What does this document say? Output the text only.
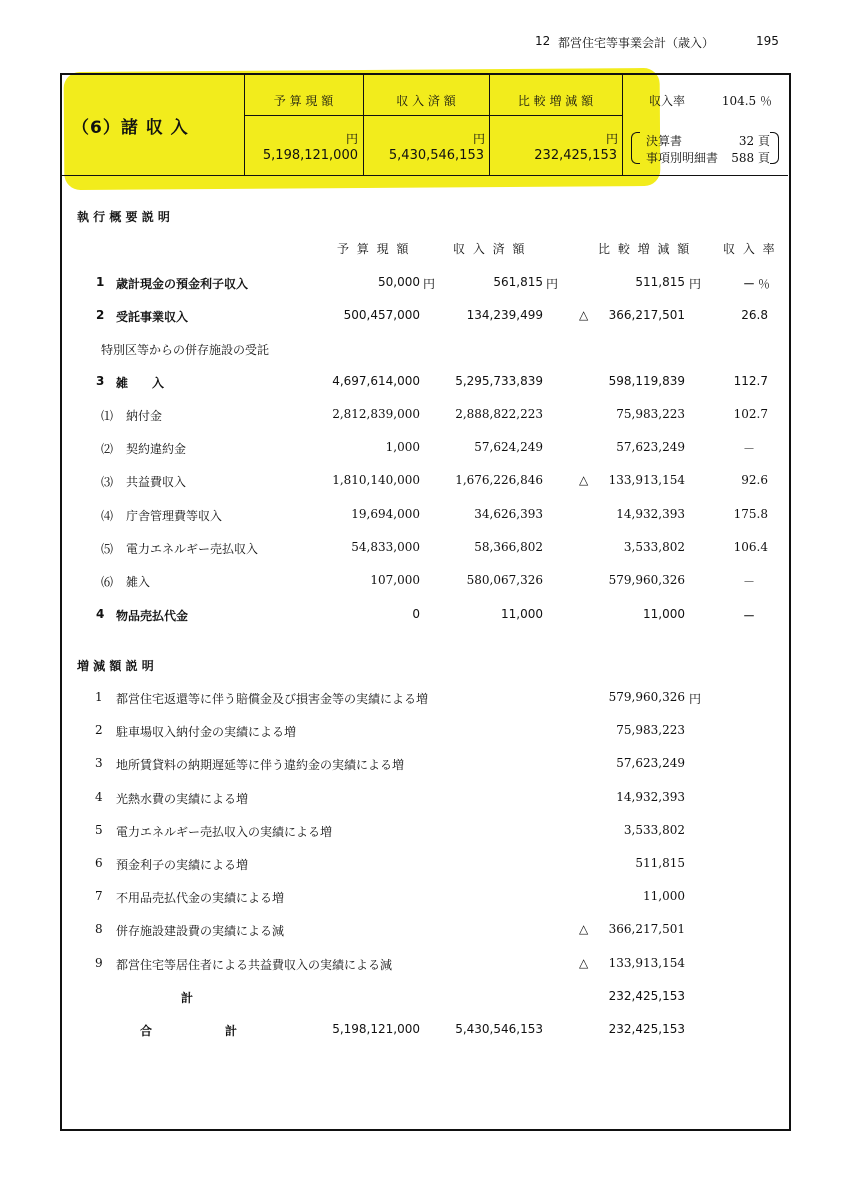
12 都営住宅等事業会計（歳入）	195
（6）諸 収 入
予 算 現 額	収 入 済 額	比 較 増 減 額
円	円	円
5,198,121,000	5,430,546,153	232,425,153
収入率	104.5 ％
決算書	32 頁
事項別明細書	588 頁
執 行 概 要 説 明
予 算 現 額	収 入 済 額	比 較 増 減 額	収 入 率
1 歳計現金の預金利子収入	50,000 円	561,815 円	511,815 円	－ ％
2 受託事業収入	500,457,000	134,239,499	△	366,217,501	26.8
特別区等からの併存施設の受託
3 雑　　入	4,697,614,000	5,295,733,839	598,119,839	112.7
⑴ 納付金	2,812,839,000	2,888,822,223	75,983,223	102.7
⑵ 契約違約金	1,000	57,624,249	57,623,249	－
⑶ 共益費収入	1,810,140,000	1,676,226,846	△	133,913,154	92.6
⑷ 庁舎管理費等収入	19,694,000	34,626,393	14,932,393	175.8
⑸ 電力エネルギー売払収入	54,833,000	58,366,802	3,533,802	106.4
⑹ 雑入	107,000	580,067,326	579,960,326	－
4 物品売払代金	0	11,000	11,000	－
増 減 額 説 明
1 都営住宅返還等に伴う賠償金及び損害金等の実績による増	579,960,326 円
2 駐車場収入納付金の実績による増	75,983,223
3 地所賃貸料の納期遅延等に伴う違約金の実績による増	57,623,249
4 光熱水費の実績による増	14,932,393
5 電力エネルギー売払収入の実績による増	3,533,802
6 預金利子の実績による増	511,815
7 不用品売払代金の実績による増	11,000
8 併存施設建設費の実績による減	△	366,217,501
9 都営住宅等居住者による共益費収入の実績による減	△	133,913,154
計	232,425,153
合	計	5,198,121,000	5,430,546,153	232,425,153
